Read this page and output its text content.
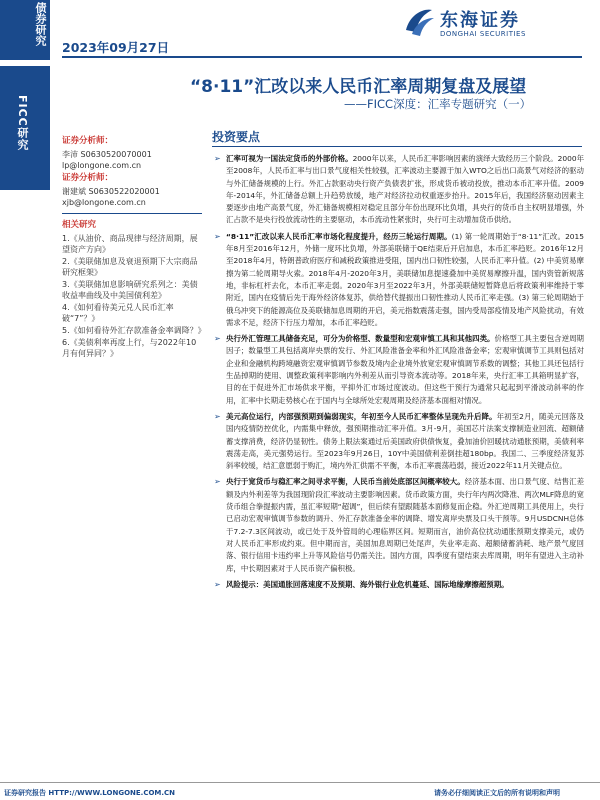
债券研究
FICC研究
2023年09月27日
东海证券
DONGHAI SECURITIES
“8·11”汇改以来人民币汇率周期复盘及展望
——FICC深度：汇率专题研究（一）
证券分析师：
李沛 S0630520070001
lp@longone.com.cn
证券分析师：
谢建斌 S0630522020001
xjb@longone.com.cn
相关研究
1.《从油价、商品现律与经济周期，展望资产方向》
2.《美联储加息及衰退预期下大宗商品研究框架》
3.《美联储加息影响研究系列之：美债收益率曲线及中美国债利差》
4.《如何看待美元兑人民币汇率破“7”？》
5.《如何看待外汇存款准备金率调降？》
6.《美债利率再度上行，与2022年10月有何异同？》
投资要点
➢ 汇率可视为一国法定货币的外部价格。2000年以来，人民币汇率影响因素的演绎大致经历三个阶段。2000年至2008年，人民币汇率与出口景气度相关性较强，汇率波动主要源于加入WTO之后出口高景气对经济的驱动与外汇储备规模的上行。外汇占款驱动央行资产负债表扩张，形成货币被动投放，推动本币汇率升值。2009年-2014年，外汇储备总额上升趋势放缓，地产对经济拉动权重逐步抬升。2015年后，我国经济驱动因素主要逐步由地产高景气度，外汇储备规模相对稳定且部分年份出现环比负增，具央行的货币自主权明显增强，外汇占款不是央行投放流动性的主要驱动，本币流动性紧张时，央行可主动增加货币供给。
➢ “8·11”汇改以来人民币汇率市场化程度提升，经历三轮运行周期。(1) 第一轮周期始于“8·11”汇改。2015年8月至2016年12月，外储一度环比负增，外部美联储于QE结束后开启加息，本币汇率趋贬。2016年12月至2018年4月，特朗普政府医疗和减税政策推进受阻，国内出口韧性较强，人民币汇率升值。(2) 中美贸易摩擦为第二轮周期导火索。2018年4月-2020年3月，美联储加息提速叠加中美贸易摩擦升温，国内资管新规落地，非标杠杆去化，本币汇率走弱。2020年3月至2022年3月，外部美联储短暂降息后将政策利率维持于零附近，国内在疫情后先于海外经济体复苏，供给替代提振出口韧性推动人民币汇率走强。(3) 第三轮周期始于俄乌冲突下的能源高位及美联储加息周期的开启，美元指数震荡走强，国内受局部疫情及地产风险扰动，有效需求不足，经济下行压力增加，本币汇率趋贬。
➢ 央行外汇管理工具储备充足，可分为价格型、数量型和宏观审慎工具和其他四类。价格型工具主要包含逆周期因子；数量型工具包括离岸央票的发行、外汇风险准备金率和外汇风险准备金率；宏观审慎调节工具则包括对企业和金融机构跨境融资宏观审慎调节参数及境内企业境外放宽宏观审慎调节系数的调整；其他工具还包括行生品掉期的使用、调整政策利率影响内外利差从而引导资本流动等。2018年来，央行汇率工具箱明显扩容，目的在于促进外汇市场供求平衡，平抑外汇市场过度波动。但这些干预行为通常只起起到平滑波动斜率的作用，汇率中长期走势核心在于国内与全球所处宏观周期及经济基本面相对情况。
➢ 美元高位运行，内部强预期到偏弱现实，年初至今人民币汇率整体呈现先升后降。年初至2月，随美元回落及国内疫情防控优化，内需集中释放，强预期推动汇率升值。3月-9月，美国芯片法案支撑制造业回流、超额储蓄支撑消费，经济仍显韧性。债务上限法案通过后美国政府供债恢复，叠加油价回暖扰动通胀预期，美债利率震荡走高，美元强势运行。至2023年9月26日，10Y中美国债利差倒挂超180bp。我国二、三季度经济复苏斜率较缓，结汇意愿弱于购汇，境内外汇供需不平衡，本币汇率震荡趋弱，接近2022年11月关键点位。
➢ 央行于宽货币与稳汇率之间寻求平衡，人民币当前处底部区间概率较大。经济基本面、出口景气度、结售汇差额及内外利差等为我国现阶段汇率波动主要影响因素。货币政策方面，央行年内两次降准、两次MLF降息的宽货币组合拳提振内需，虽汇率短期“超调”，但后续有望跟随基本面修复而企稳。外汇逆周期工具使用上，央行已启动宏观审慎调节参数的调升、外汇存款准备金率的调降、增发离岸央票及口头干预等。9月USDCNH总体于7.2-7.3区间波动，或已处于及外管局的心理临界区间。短期而言，油价高位扰动通胀预期支撑美元，或仍对人民币汇率形成约束。但中期而言，美国加息周期已处尾声，失业率走高、超额储蓄消耗、地产景气度回落、银行信用卡违约率上升等风险信号仍需关注。国内方面，四季度有望结束去库周期，明年有望进入主动补库，中长期因素对于人民币资产偏积极。
➢ 风险提示：美国通胀回落速度不及预期、海外银行业危机蔓延、国际地缘摩擦超预期。
证券研究报告 HTTP://WWW.LONGONE.COM.CN	请务必仔细阅读正文后的所有说明和声明
